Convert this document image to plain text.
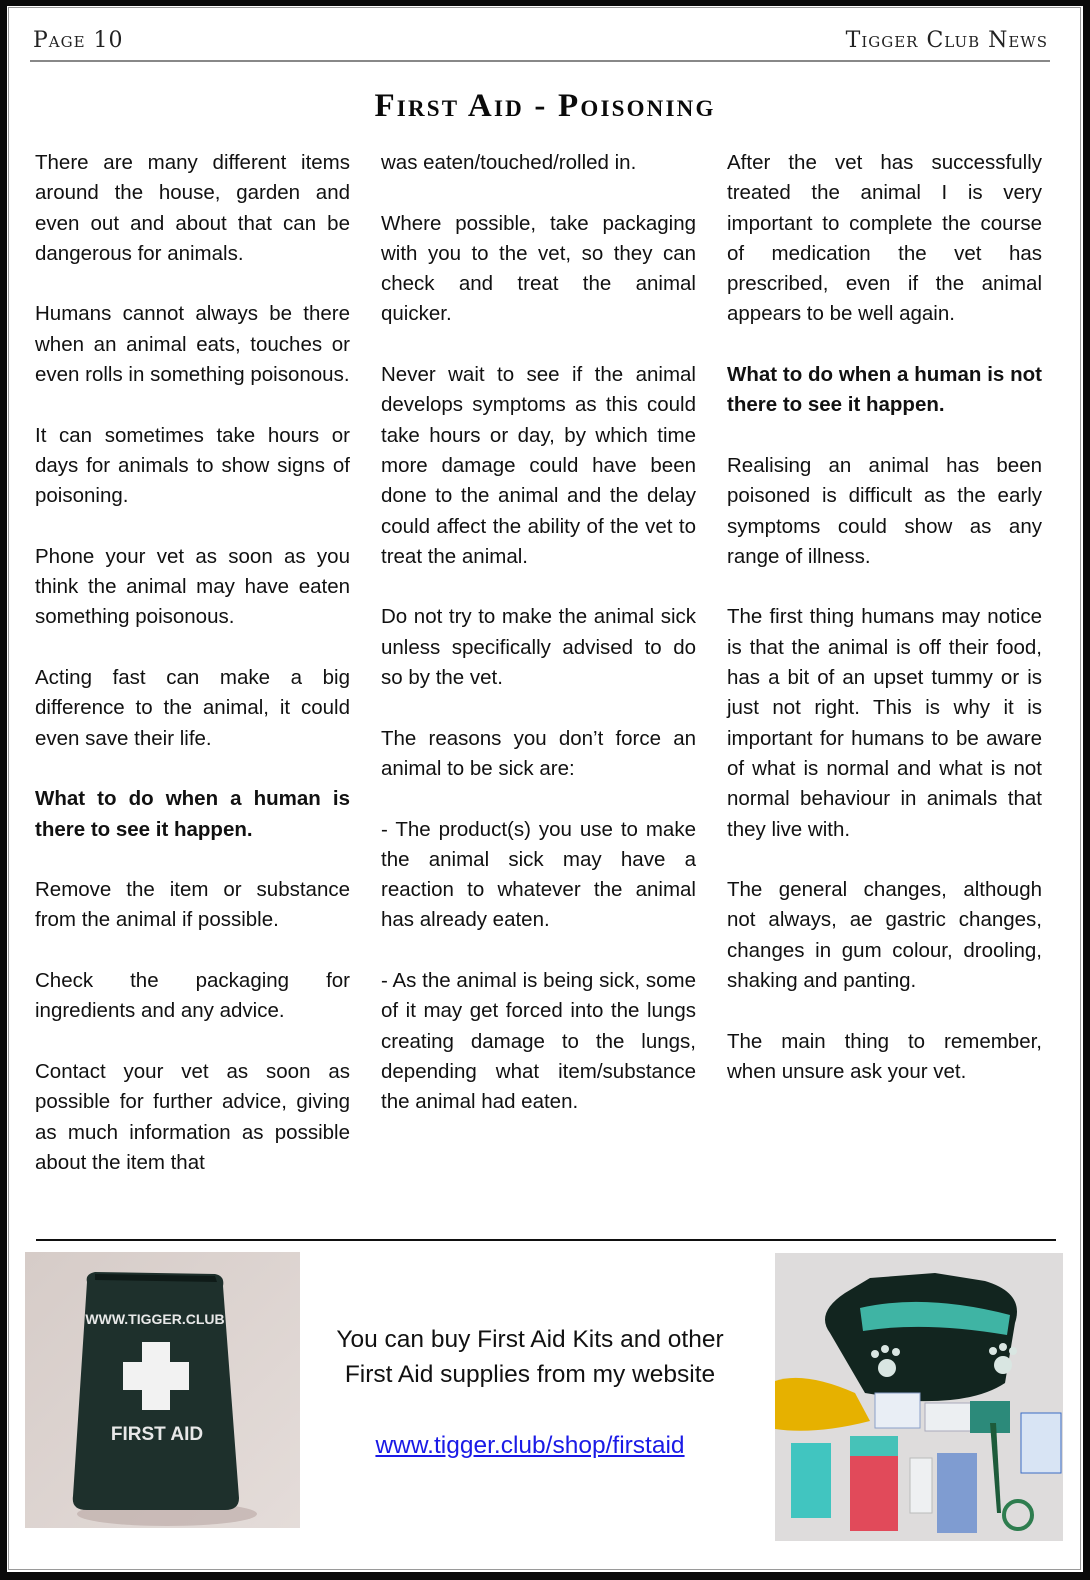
Page 10	Tigger Club News
First Aid - Poisoning

There are many different items around the house, garden and even out and about that can be dangerous for animals.

Humans cannot always be there when an animal eats, touches or even rolls in something poisonous.

It can sometimes take hours or days for animals to show signs of poisoning.

Phone your vet as soon as you think the animal may have eaten something poisonous.

Acting fast can make a big difference to the animal, it could even save their life.

What to do when a human is there to see it happen.

Remove the item or substance from the animal if possible.

Check the packaging for ingredients and any advice.

Contact your vet as soon as possible for further advice, giving as much information as possible about the item that

was eaten/touched/rolled in.

Where possible, take packaging with you to the vet, so they can check and treat the animal quicker.

Never wait to see if the animal develops symptoms as this could take hours or day, by which time more damage could have been done to the animal and the delay could affect the ability of the vet to treat the animal.

Do not try to make the animal sick unless specifically advised to do so by the vet.

The reasons you don’t force an animal to be sick are:

- The product(s) you use to make the animal sick may have a reaction to whatever the animal has already eaten.

- As the animal is being sick, some of it may get forced into the lungs creating damage to the lungs, depending what item/substance the animal had eaten.

After the vet has successfully treated the animal I is very important to complete the course of medication the vet has prescribed, even if the animal appears to be well again.

What to do when a human is not there to see it happen.

Realising an animal has been poisoned is difficult as the early symptoms could show as any range of illness.

The first thing humans may notice is that the animal is off their food, has a bit of an upset tummy or is just not right. This is why it is important for humans to be aware of what is normal and what is not normal behaviour in animals that they live with.

The general changes, although not always, ae gastric changes, changes in gum colour, drooling, shaking and panting.

The main thing to remember, when unsure ask your vet.

WWW.TIGGER.CLUB
FIRST AID
You can buy First Aid Kits and other
First Aid supplies from my website
www.tigger.club/shop/firstaid
